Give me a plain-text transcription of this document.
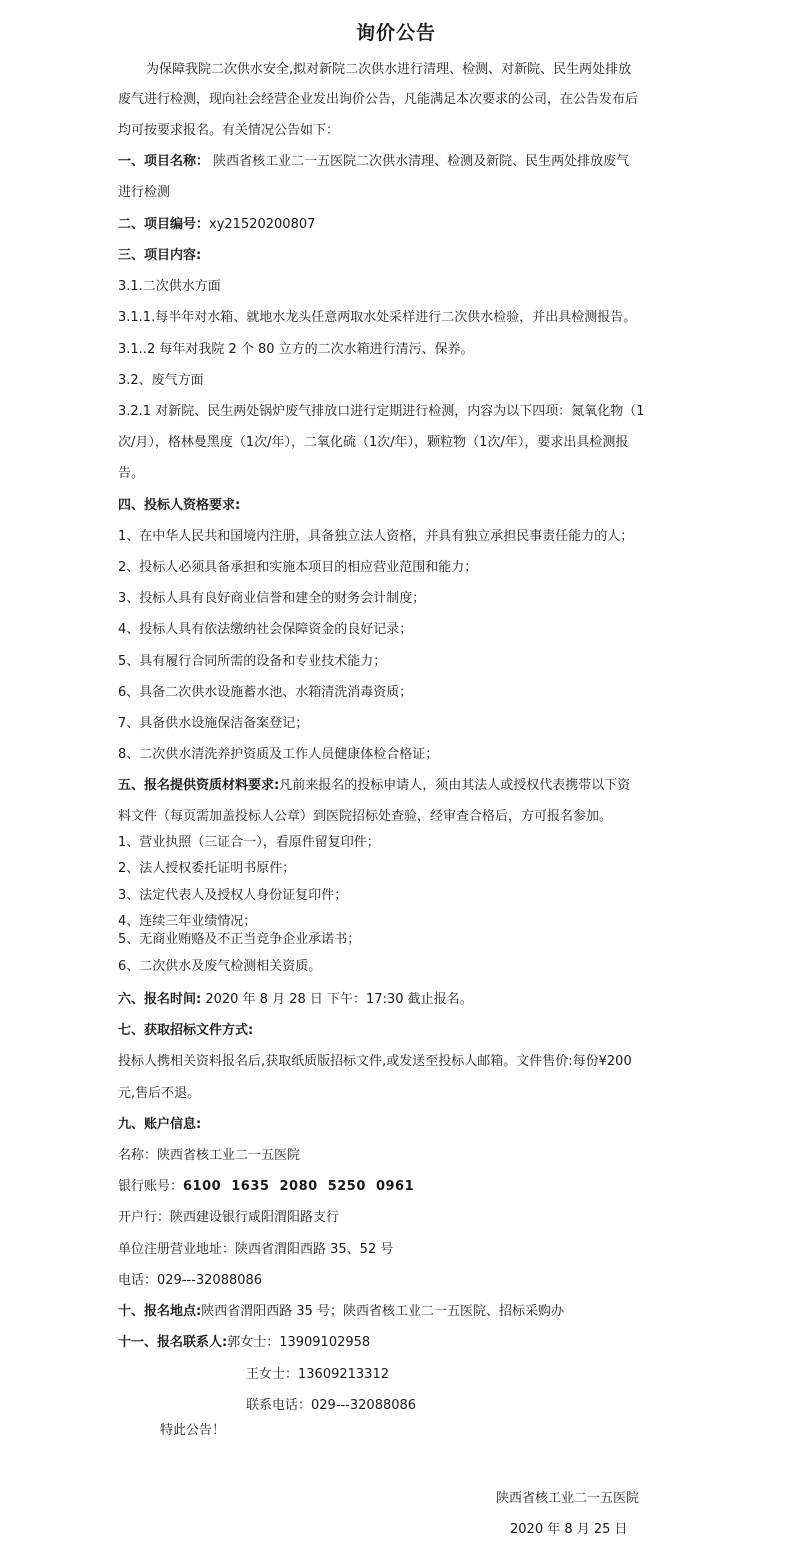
询价公告
为保障我院二次供水安全,拟对新院二次供水进行清理、检测、对新院、民生两处排放
废气进行检测，现向社会经营企业发出询价公告，凡能满足本次要求的公司，在公告发布后
均可按要求报名。有关情况公告如下：
一、项目名称： 陕西省核工业二一五医院二次供水清理、检测及新院、民生两处排放废气
进行检测
二、项目编号：xy21520200807
三、项目内容:
3.1.二次供水方面
3.1.1.每半年对水箱、就地水龙头任意两取水处采样进行二次供水检验，并出具检测报告。
3.1..2 每年对我院 2 个 80 立方的二次水箱进行清污、保养。
3.2、废气方面
3.2.1 对新院、民生两处锅炉废气排放口进行定期进行检测，内容为以下四项：氮氧化物（1
次/月），格林曼黑度（1次/年），二氧化硫（1次/年），颗粒物（1次/年），要求出具检测报
告。
四、投标人资格要求:
1、在中华人民共和国境内注册，具备独立法人资格，并具有独立承担民事责任能力的人；
2、投标人必须具备承担和实施本项目的相应营业范围和能力；
3、投标人具有良好商业信誉和建全的财务会计制度；
4、投标人具有依法缴纳社会保障资金的良好记录；
5、具有履行合同所需的设备和专业技术能力；
6、具备二次供水设施蓄水池、水箱清洗消毒资质；
7、具备供水设施保洁备案登记；
8、二次供水清洗养护资质及工作人员健康体检合格证；
五、报名提供资质材料要求:凡前来报名的投标申请人，须由其法人或授权代表携带以下资
料文件（每页需加盖投标人公章）到医院招标处查验，经审查合格后，方可报名参加。
1、营业执照（三证合一），看原件留复印件；
2、法人授权委托证明书原件；
3、法定代表人及授权人身份证复印件；
4、连续三年业绩情况；
5、无商业贿赂及不正当竞争企业承诺书；
6、二次供水及废气检测相关资质。
六、报名时间: 2020 年 8 月 28 日 下午：17:30 截止报名。
七、获取招标文件方式:
投标人携相关资料报名后,获取纸质版招标文件,或发送至投标人邮箱。文件售价:每份¥200
元,售后不退。
九、账户信息:
名称：陕西省核工业二一五医院
银行账号：6100  1635  2080  5250  0961
开户行：陕西建设银行咸阳渭阳路支行
单位注册营业地址：陕西省渭阳西路 35、52 号
电话：029---32088086
十、报名地点:陕西省渭阳西路 35 号；陕西省核工业二一五医院、招标采购办
十一、报名联系人:郭女士：13909102958
王女士：13609213312
联系电话：029---32088086
特此公告！
陕西省核工业二一五医院
2020 年 8 月 25 日
